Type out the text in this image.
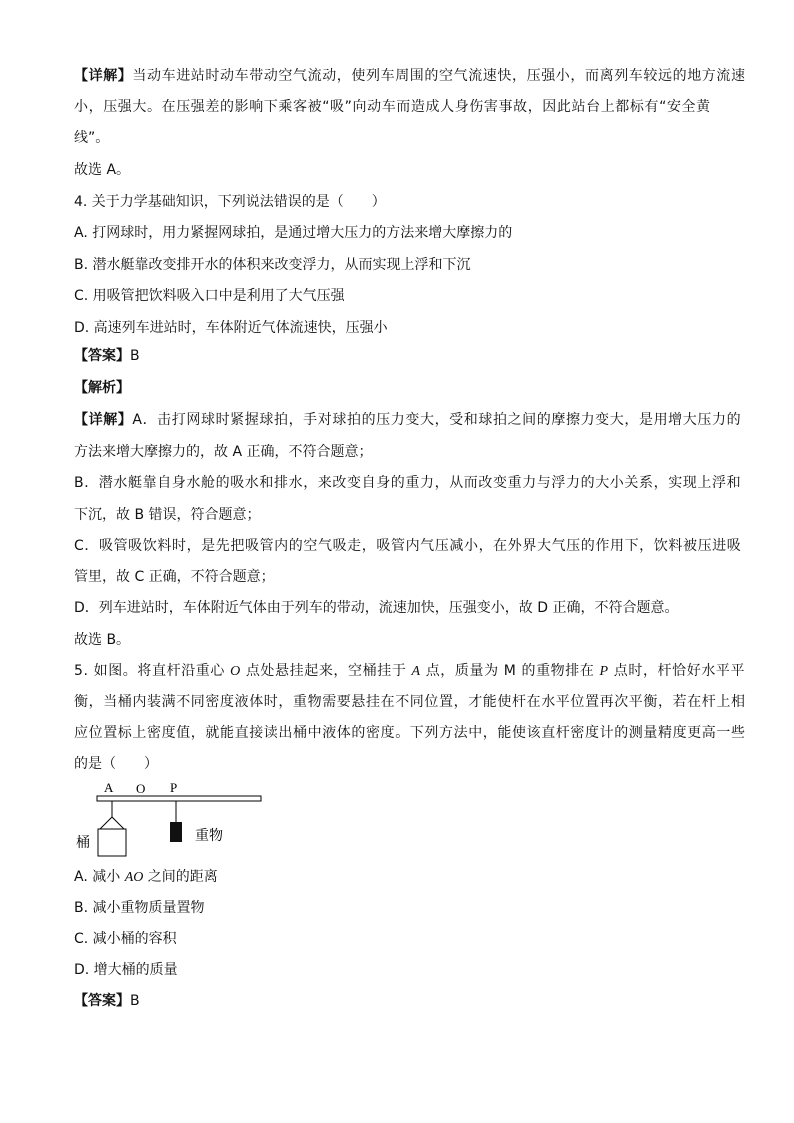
【详解】当动车进站时动车带动空气流动，使列车周围的空气流速快，压强小，而离列车较远的地方流速
小，压强大。在压强差的影响下乘客被“吸”向动车而造成人身伤害事故，因此站台上都标有“安全黄
线”。
故选 A。
4. 关于力学基础知识，下列说法错误的是（　　）
A. 打网球时，用力紧握网球拍，是通过增大压力的方法来增大摩擦力的
B. 潜水艇靠改变排开水的体积来改变浮力，从而实现上浮和下沉
C. 用吸管把饮料吸入口中是利用了大气压强
D. 高速列车进站时，车体附近气体流速快，压强小
【答案】B
【解析】
【详解】A．击打网球时紧握球拍，手对球拍的压力变大，受和球拍之间的摩擦力变大，是用增大压力的
方法来增大摩擦力的，故 A 正确，不符合题意；
B．潜水艇靠自身水舱的吸水和排水，来改变自身的重力，从而改变重力与浮力的大小关系，实现上浮和
下沉，故 B 错误，符合题意；
C．吸管吸饮料时，是先把吸管内的空气吸走，吸管内气压减小，在外界大气压的作用下，饮料被压进吸
管里，故 C 正确，不符合题意；
D．列车进站时，车体附近气体由于列车的带动，流速加快，压强变小，故 D 正确，不符合题意。
故选 B。
5. 如图。将直杆沿重心 O 点处悬挂起来，空桶挂于 A 点，质量为 M 的重物排在 P 点时，杆恰好水平平
衡，当桶内装满不同密度液体时，重物需要悬挂在不同位置，才能使杆在水平位置再次平衡，若在杆上相
应位置标上密度值，就能直接读出桶中液体的密度。下列方法中，能使该直杆密度计的测量精度更高一些
的是（　　）
A O P
桶	重物
A. 减小 AO 之间的距离
B. 减小重物质量置物
C. 减小桶的容积
D. 增大桶的质量
【答案】B
